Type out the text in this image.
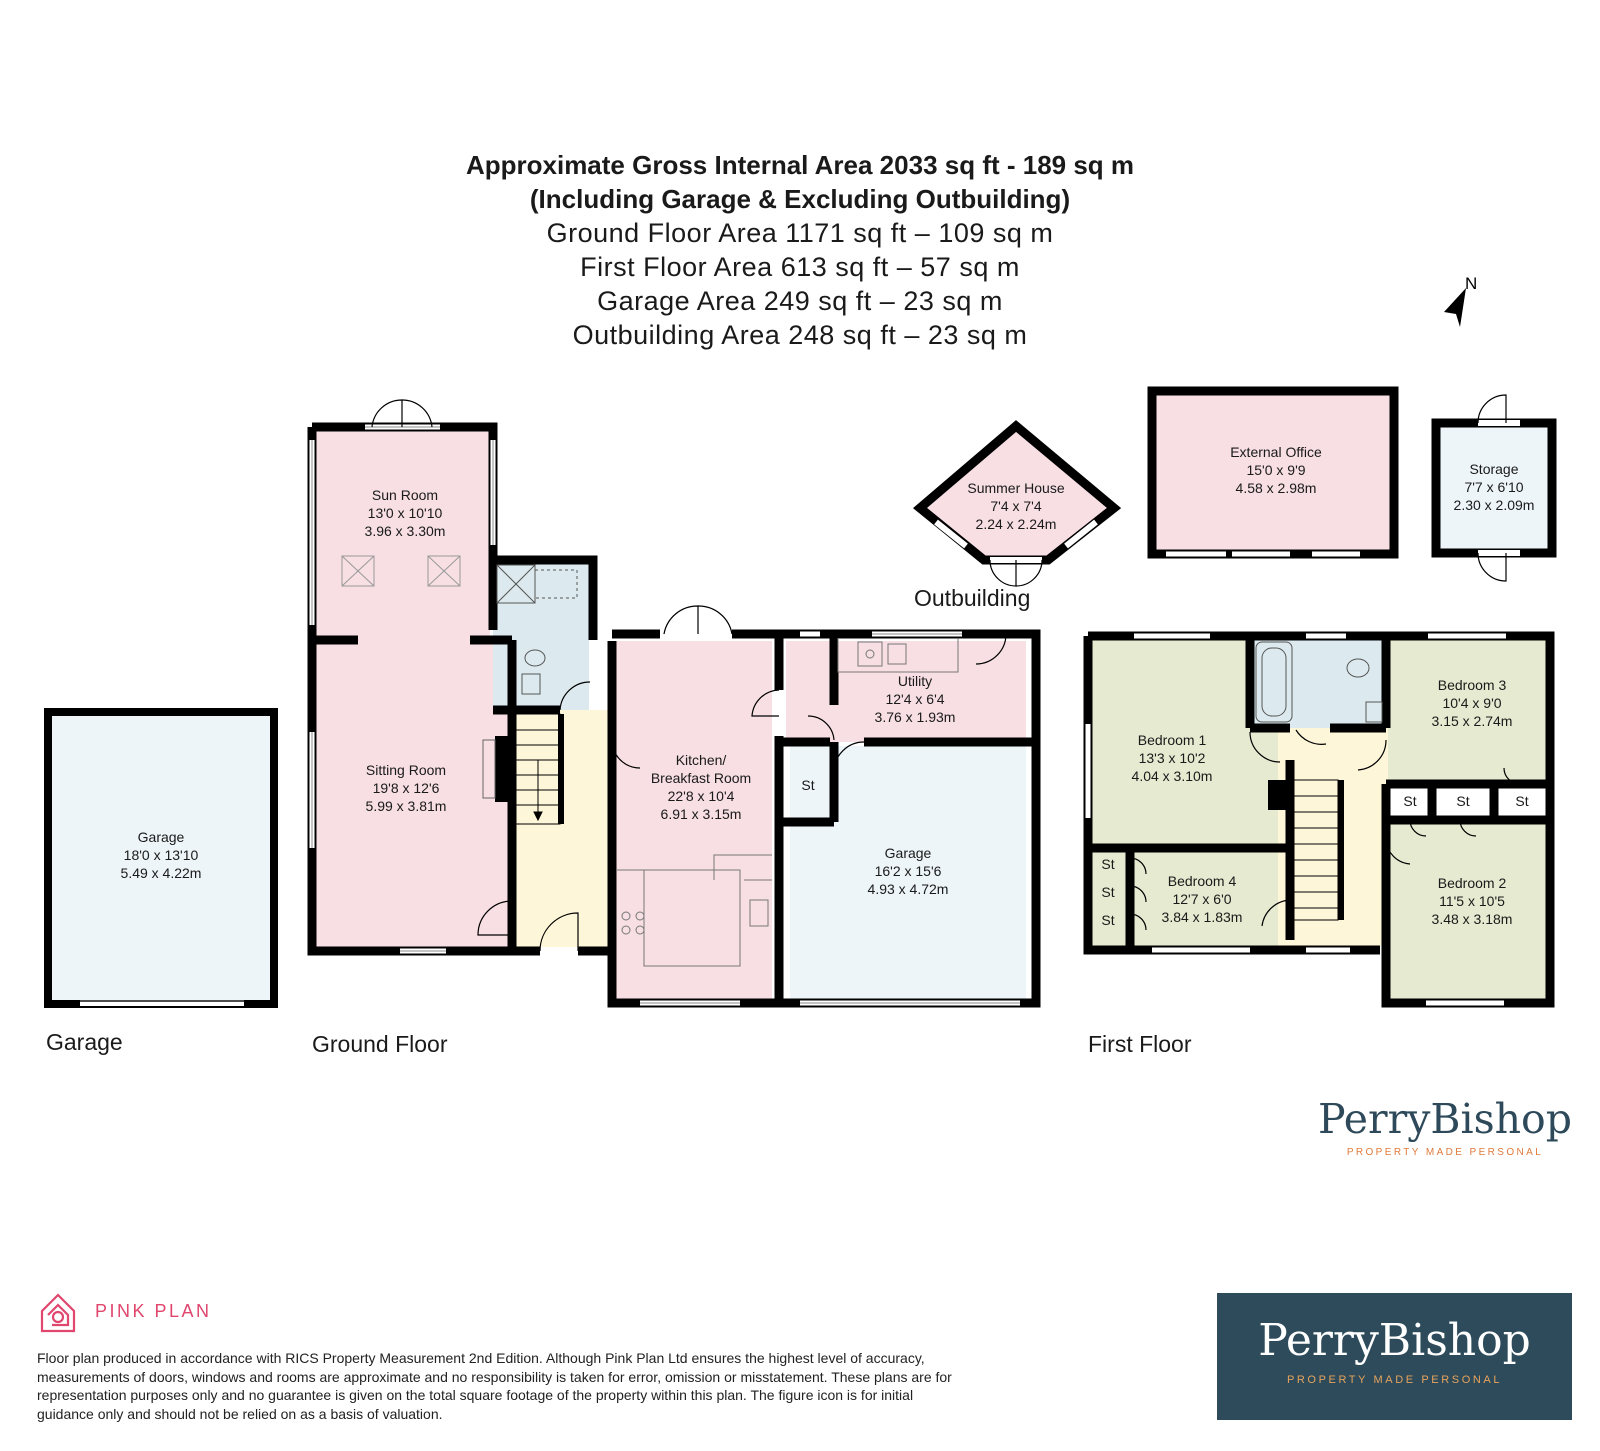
Approximate Gross Internal Area 2033 sq ft - 189 sq m
(Including Garage & Excluding Outbuilding)
Ground Floor Area 1171 sq ft – 109 sq m
First Floor Area 613 sq ft – 57 sq m
Garage Area 249 sq ft – 23 sq m
Outbuilding Area 248 sq ft – 23 sq m
N
Sun Room
13'0 x 10'10
3.96 x 3.30m
Sitting Room
19'8 x 12'6
5.99 x 3.81m
Kitchen/
Breakfast Room
22'8 x 10'4
6.91 x 3.15m
Utility
12'4 x 6'4
3.76 x 1.93m
St
Garage
16'2 x 15'6
4.93 x 4.72m
Garage
18'0 x 13'10
5.49 x 4.22m
Summer House
7'4 x 7'4
2.24 x 2.24m
External Office
15'0 x 9'9
4.58 x 2.98m
Storage
7'7 x 6'10
2.30 x 2.09m
Bedroom 1
13'3 x 10'2
4.04 x 3.10m
Bedroom 3
10'4 x 9'0
3.15 x 2.74m
Bedroom 2
11'5 x 10'5
3.48 x 3.18m
Bedroom 4
12'7 x 6'0
3.84 x 1.83m
St
St
St
St	St	St
Garage	Ground Floor	First Floor
Outbuilding
PerryBishop
PROPERTY MADE PERSONAL
PINK PLAN
Floor plan produced in accordance with RICS Property Measurement 2nd Edition. Although Pink Plan Ltd ensures the highest level of accuracy, measurements of doors, windows and rooms are approximate and no responsibility is taken for error, omission or misstatement. These plans are for representation purposes only and no guarantee is given on the total square footage of the property within this plan. The figure icon is for initial guidance only and should not be relied on as a basis of valuation.
PerryBishop
PROPERTY MADE PERSONAL
